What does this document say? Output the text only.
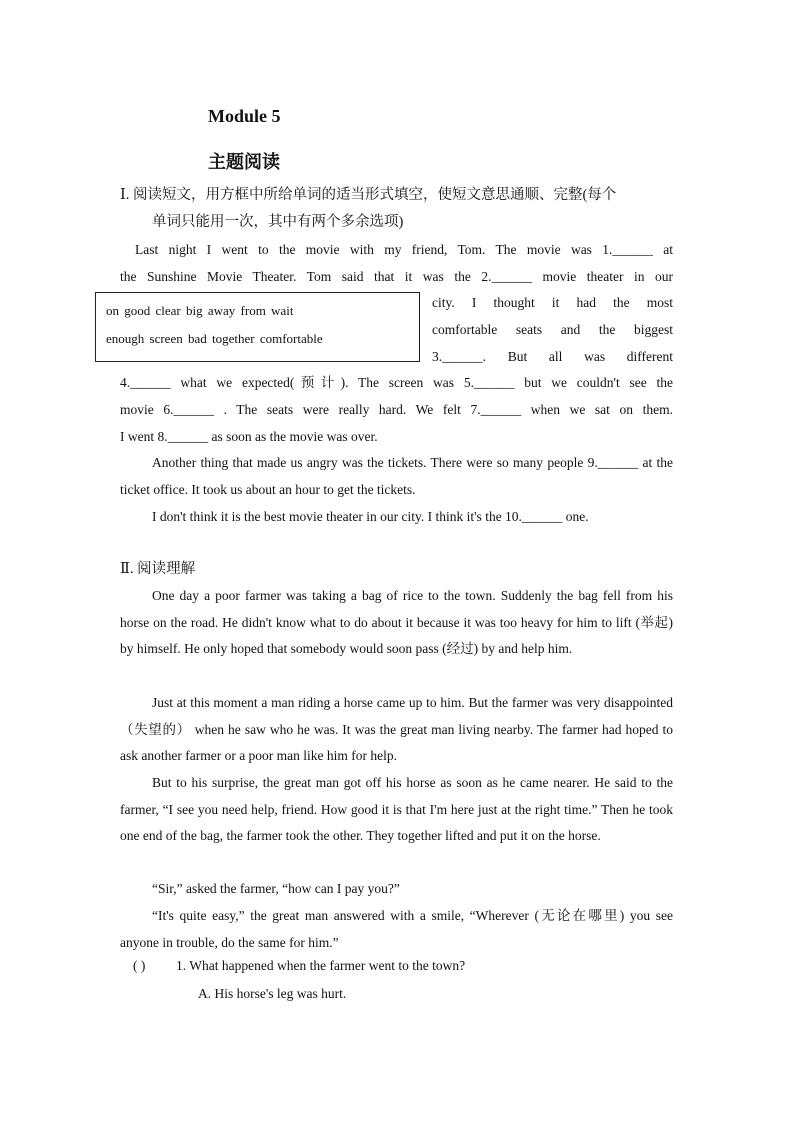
Module 5
主题阅读
Ⅰ. 阅读短文，用方框中所给单词的适当形式填空，使短文意思通顺、完整(每个
单词只能用一次，其中有两个多余选项)
Last night I went to the movie with my friend, Tom. The movie was 1.______ at
the Sunshine Movie Theater. Tom said that it was the 2.______ movie theater in our
on good clear big away from wait
enough screen bad together comfortable
city. I thought it had the most
comfortable seats and the biggest
3.______. But all was different
4.______ what we expected(预计). The screen was 5.______ but we couldn't see the
movie 6.______ . The seats were really hard. We felt 7.______ when we sat on them.
I went 8.______ as soon as the movie was over.
Another thing that made us angry was the tickets. There were so many people 9.______ at the ticket office. It took us about an hour to get the tickets.
I don't think it is the best movie theater in our city. I think it's the 10.______ one.
Ⅱ. 阅读理解
One day a poor farmer was taking a bag of rice to the town. Suddenly the bag fell from his horse on the road. He didn't know what to do about it because it was too heavy for him to lift (举起) by himself. He only hoped that somebody would soon pass (经过) by and help him.
Just at this moment a man riding a horse came up to him. But the farmer was very disappointed （失望的） when he saw who he was. It was the great man living nearby. The farmer had hoped to ask another farmer or a poor man like him for help.
But to his surprise, the great man got off his horse as soon as he came nearer. He said to the farmer, “I see you need help, friend. How good it is that I'm here just at the right time.” Then he took one end of the bag, the farmer took the other. They together lifted and put it on the horse.
“Sir,” asked the farmer, “how can I pay you?”
“It's quite easy,” the great man answered with a smile, “Wherever (无论在哪里) you see anyone in trouble, do the same for him.”
( ) 1. What happened when the farmer went to the town?
A. His horse's leg was hurt.
